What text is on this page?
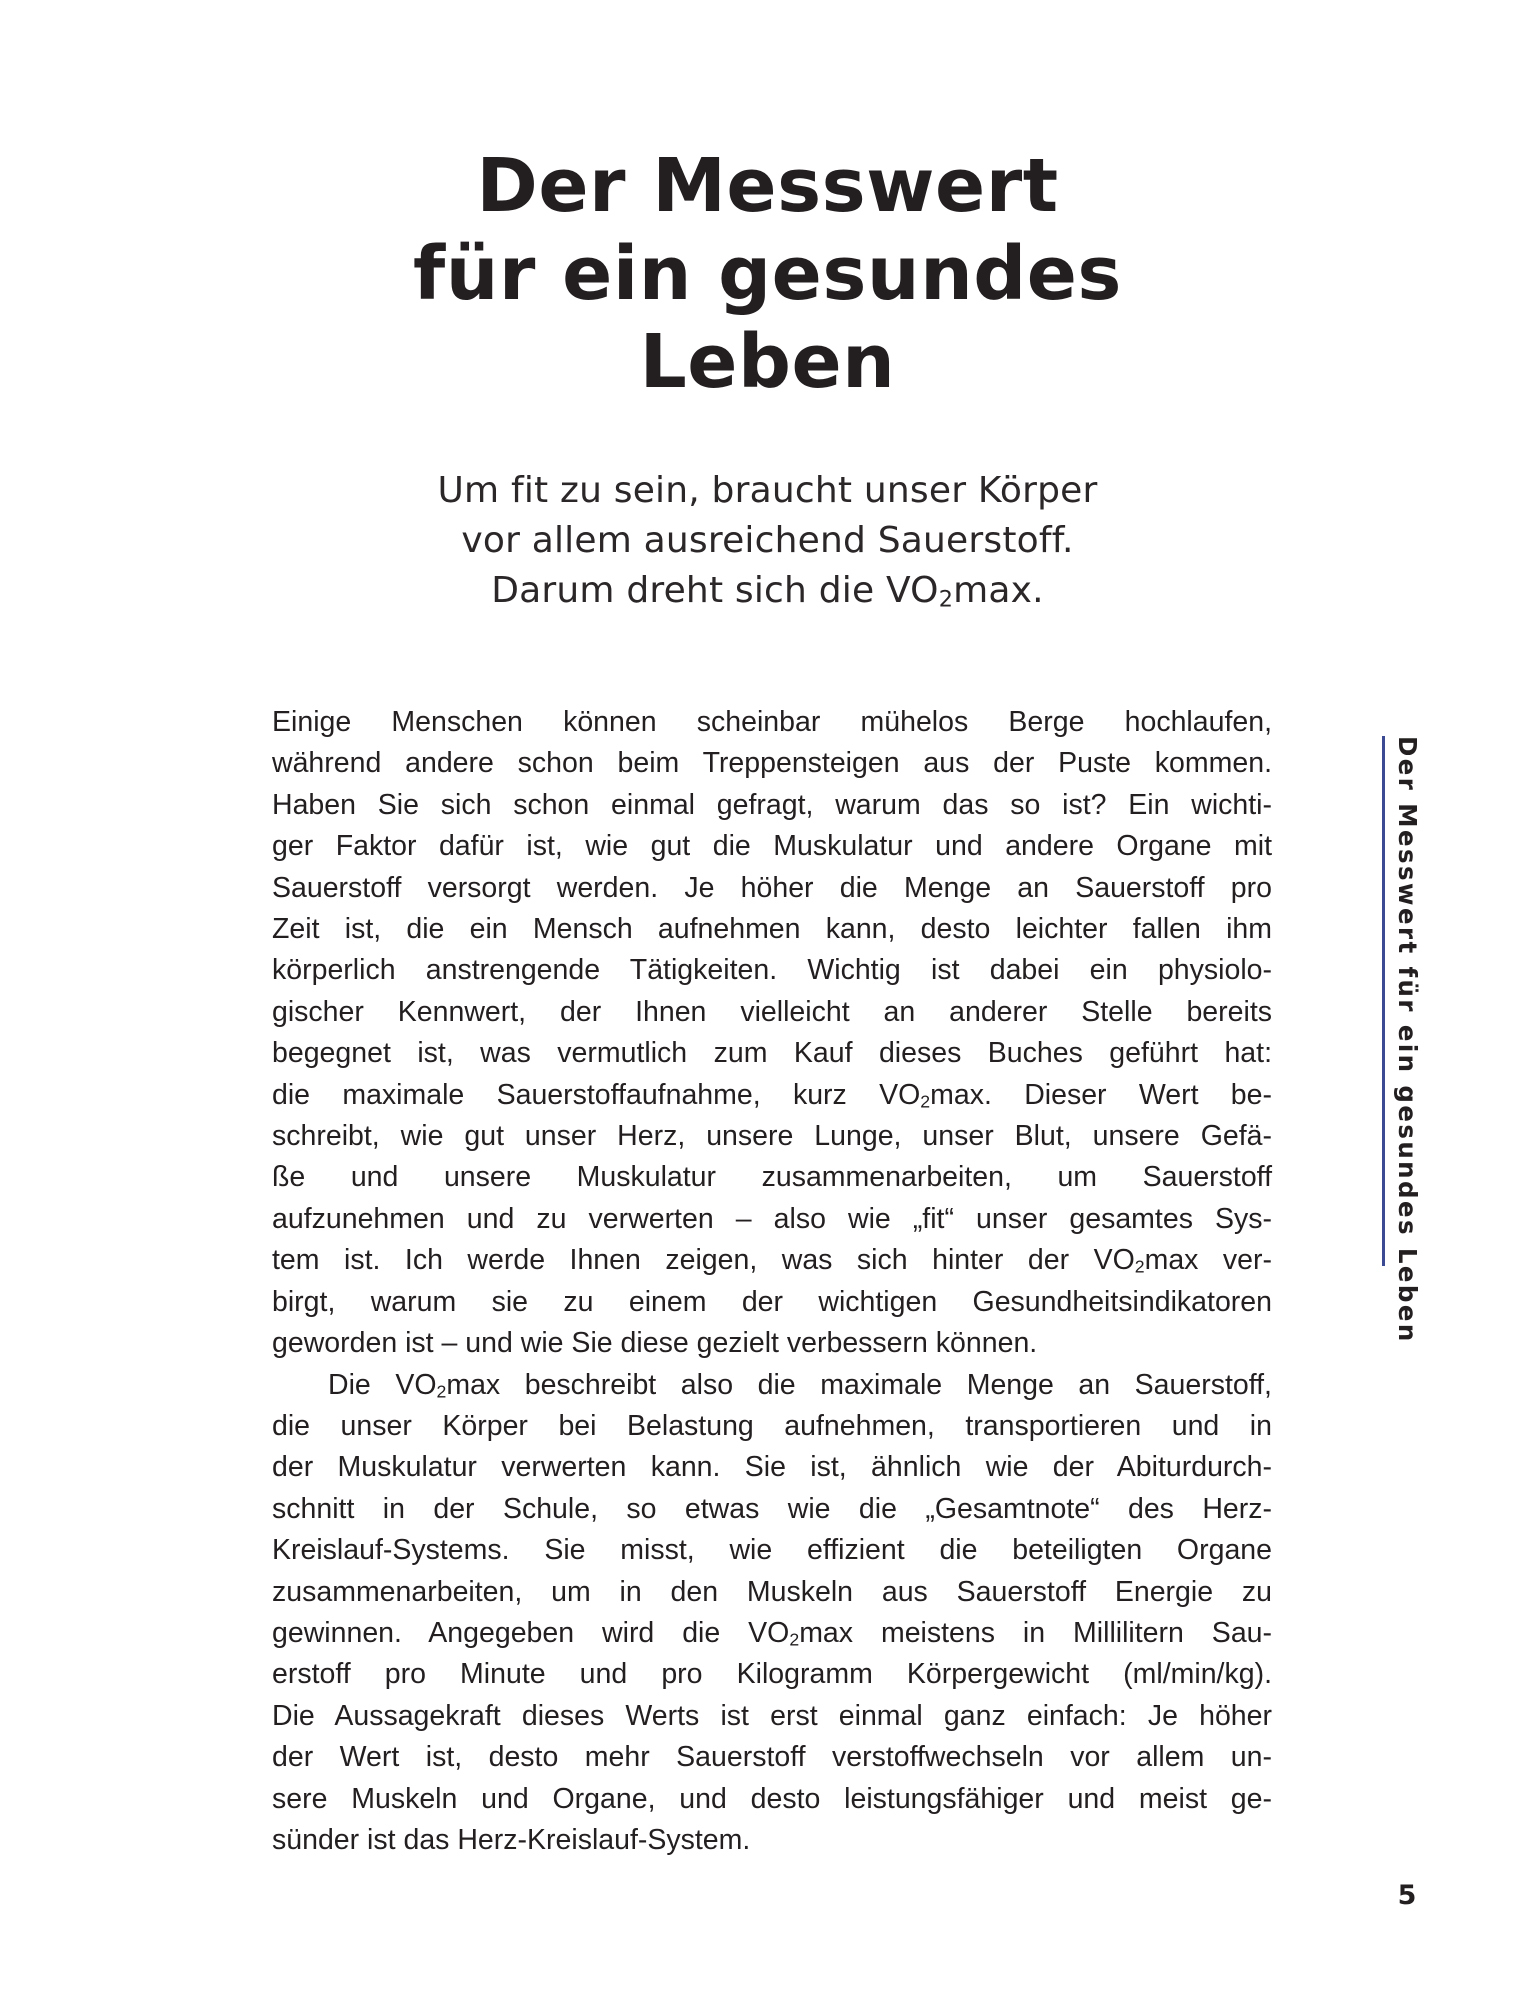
Der Messwert
für ein gesundes
Leben

Um fit zu sein, braucht unser Körper
vor allem ausreichend Sauerstoff.
Darum dreht sich die $VO_2\max$.

Einige Menschen können scheinbar mühelos Berge hochlaufen,
während andere schon beim Treppensteigen aus der Puste kommen.
Haben Sie sich schon einmal gefragt, warum das so ist? Ein wichti-
ger Faktor dafür ist, wie gut die Muskulatur und andere Organe mit
Sauerstoff versorgt werden. Je höher die Menge an Sauerstoff pro
Zeit ist, die ein Mensch aufnehmen kann, desto leichter fallen ihm
körperlich anstrengende Tätigkeiten. Wichtig ist dabei ein physiolo-
gischer Kennwert, der Ihnen vielleicht an anderer Stelle bereits
begegnet ist, was vermutlich zum Kauf dieses Buches geführt hat:
die maximale Sauerstoffaufnahme, kurz $VO_2\max$. Dieser Wert be-
schreibt, wie gut unser Herz, unsere Lunge, unser Blut, unsere Gefä-
ße und unsere Muskulatur zusammenarbeiten, um Sauerstoff
aufzunehmen und zu verwerten – also wie „fit“ unser gesamtes Sys-
tem ist. Ich werde Ihnen zeigen, was sich hinter der $VO_2\max$ ver-
birgt, warum sie zu einem der wichtigen Gesundheitsindikatoren
geworden ist – und wie Sie diese gezielt verbessern können.
Die $VO_2\max$ beschreibt also die maximale Menge an Sauerstoff,
die unser Körper bei Belastung aufnehmen, transportieren und in
der Muskulatur verwerten kann. Sie ist, ähnlich wie der Abiturdurch-
schnitt in der Schule, so etwas wie die „Gesamtnote“ des Herz-
Kreislauf-Systems. Sie misst, wie effizient die beteiligten Organe
zusammenarbeiten, um in den Muskeln aus Sauerstoff Energie zu
gewinnen. Angegeben wird die $VO_2\max$ meistens in Millilitern Sau-
erstoff pro Minute und pro Kilogramm Körpergewicht (ml/min/kg).
Die Aussagekraft dieses Werts ist erst einmal ganz einfach: Je höher
der Wert ist, desto mehr Sauerstoff verstoffwechseln vor allem un-
sere Muskeln und Organe, und desto leistungsfähiger und meist ge-
sünder ist das Herz-Kreislauf-System.
Der Messwert für ein gesundes Leben
5
